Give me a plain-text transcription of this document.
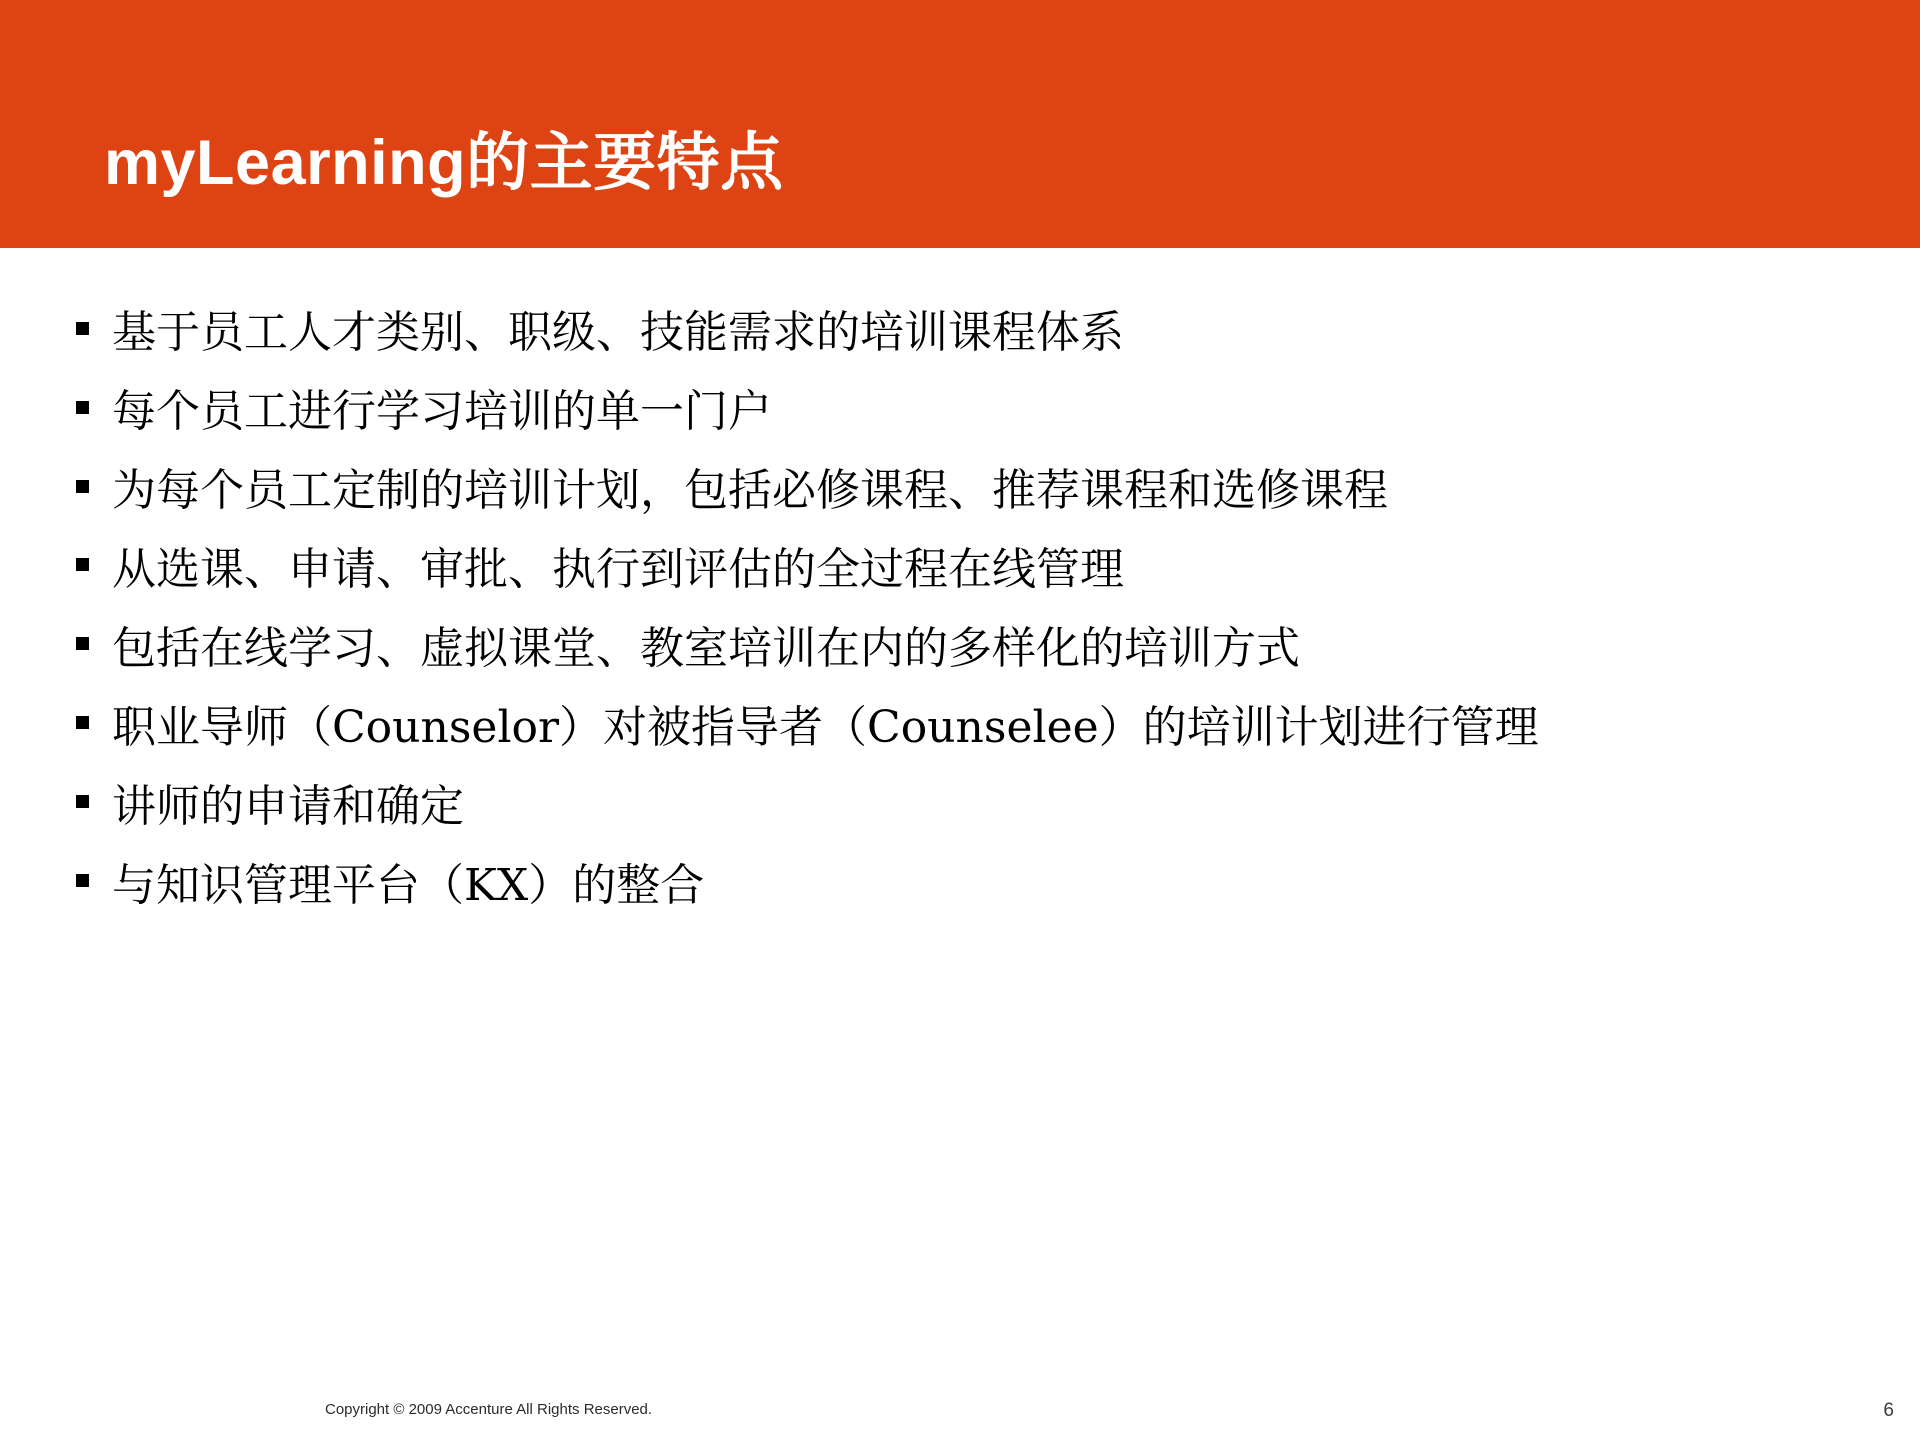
myLearning的主要特点
基于员工人才类别、职级、技能需求的培训课程体系
每个员工进行学习培训的单一门户
为每个员工定制的培训计划，包括必修课程、推荐课程和选修课程
从选课、申请、审批、执行到评估的全过程在线管理
包括在线学习、虚拟课堂、教室培训在内的多样化的培训方式
职业导师（Counselor）对被指导者（Counselee）的培训计划进行管理
讲师的申请和确定
与知识管理平台（KX）的整合
Copyright © 2009 Accenture All Rights Reserved.	6
